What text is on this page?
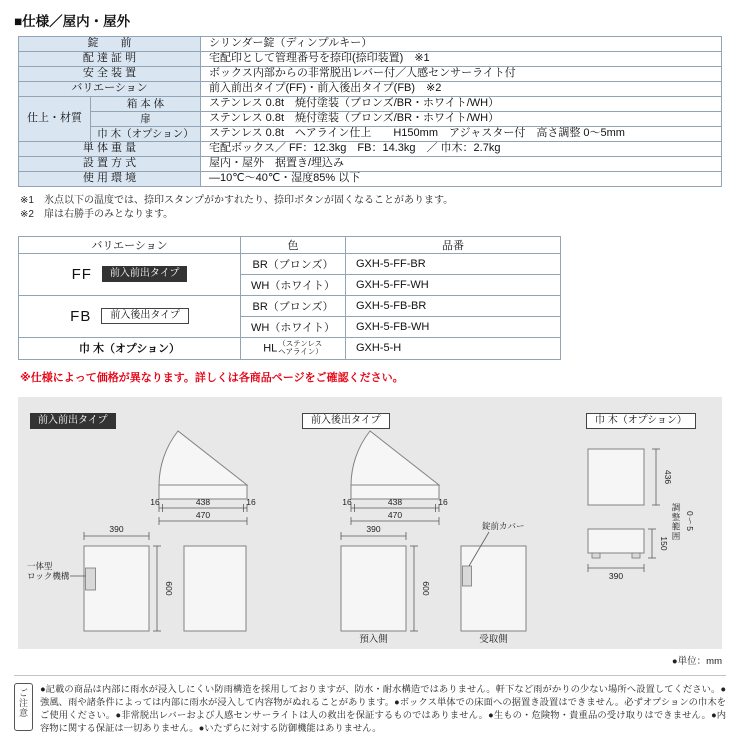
■仕様／屋内・屋外
錠　　前		シリンダー錠（ディンプルキー）
配 達 証 明		宅配印として管理番号を捺印(捺印装置)　※1
安 全 装 置		ボックス内部からの非常脱出レバー付／人感センサーライト付
バリエーション		前入前出タイプ(FF)・前入後出タイプ(FB)　※2
仕上・材質	箱 本 体	ステンレス 0.8t　焼付塗装（ブロンズ/BR・ホワイト/WH）
	扉	ステンレス 0.8t　焼付塗装（ブロンズ/BR・ホワイト/WH）
	巾 木（オプション）	ステンレス 0.8t　ヘアライン仕上　　H150mm　アジャスター付　高さ調整 0～5mm
単 体 重 量		宅配ボックス／ FF：12.3kg　FB：14.3kg　／ 巾木：2.7kg
設 置 方 式		屋内・屋外　据置き/埋込み
使 用 環 境		―10℃～40℃・湿度85% 以下
※1　氷点以下の温度では、捺印スタンプがかすれたり、捺印ボタンが固くなることがあります。
※2　扉は右勝手のみとなります。
バリエーション	色	品番
FF 前入前出タイプ	BR（ブロンズ）	GXH-5-FF-BR
	WH（ホワイト）	GXH-5-FF-WH
FB 前入後出タイプ	BR（ブロンズ）	GXH-5-FB-BR
	WH（ホワイト）	GXH-5-FB-WH
巾 木（オプション）	HL （ステンレス
ヘアライン）	GXH-5-H
※仕様によって価格が異なります。詳しくは各商品ページをご確認ください。
前入前出タイプ	前入後出タイプ	巾 木（オプション）
16	438	16
470
390
600
一体型
ロック機構
16	438	16
470
390
600
錠前カバー
預入側	受取側
436
150
390
調整範囲 0～5
●単位：mm
ご注意	●記載の商品は内部に雨水が浸入しにくい防雨構造を採用しておりますが、防水・耐水構造ではありません。軒下など雨がかりの少ない場所へ設置してください。●強風、雨や諸条件によっては内部に雨水が浸入して内容物がぬれることがあります。●ボックス単体での床面への据置き設置はできません。必ずオプションの巾木をご使用ください。●非常脱出レバーおよび人感センサーライトは人の救出を保証するものではありません。●生もの・危険物・貴重品の受け取りはできません。●内容物に関する保証は一切ありません。●いたずらに対する防御機能はありません。
